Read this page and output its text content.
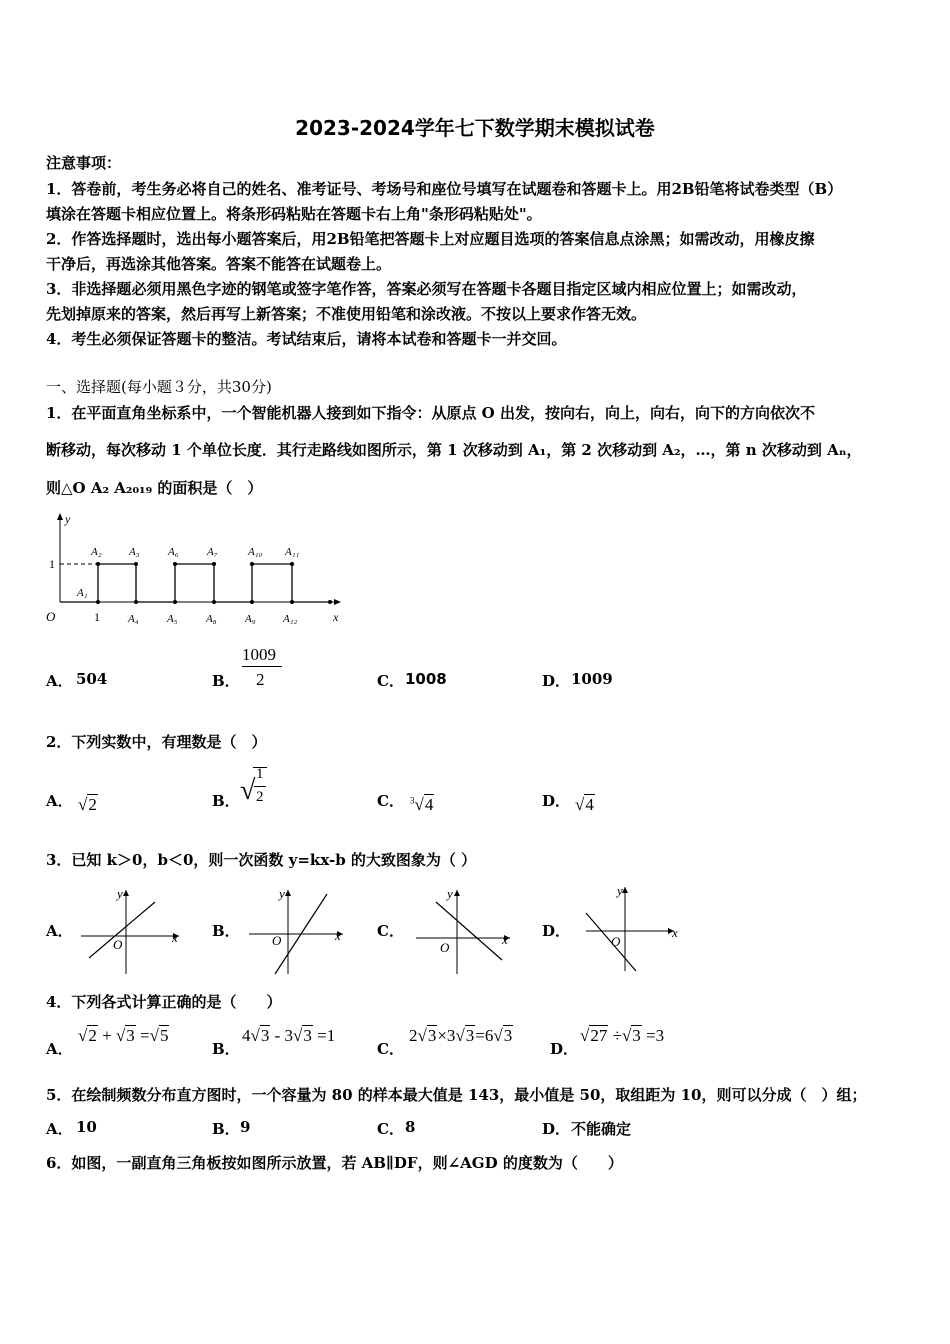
2023-2024学年七下数学期末模拟试卷
注意事项：
1．答卷前，考生务必将自己的姓名、准考证号、考场号和座位号填写在试题卷和答题卡上。用2B铅笔将试卷类型（B）
填涂在答题卡相应位置上。将条形码粘贴在答题卡右上角"条形码粘贴处"。
2．作答选择题时，选出每小题答案后，用2B铅笔把答题卡上对应题目选项的答案信息点涂黑；如需改动，用橡皮擦
干净后，再选涂其他答案。答案不能答在试题卷上。
3．非选择题必须用黑色字迹的钢笔或签字笔作答，答案必须写在答题卡各题目指定区域内相应位置上；如需改动，
先划掉原来的答案，然后再写上新答案；不准使用铅笔和涂改液。不按以上要求作答无效。
4．考生必须保证答题卡的整洁。考试结束后，请将本试卷和答题卡一并交回。
一、选择题(每小题３分，共30分)
1．在平面直角坐标系中，一个智能机器人接到如下指令：从原点 O 出发，按向右，向上，向右，向下的方向依次不
断移动，每次移动 1 个单位长度．其行走路线如图所示，第 1 次移动到 A₁，第 2 次移动到 A₂，…，第 n 次移动到 Aₙ，
则△O A₂ A₂₀₁₉ 的面积是（　）
y
x
O
1
1
A₁
A₂ A₃	A₆	A₇	A₁₀ A₁₁
A₄	A₅	A₈	A₉ A₁₂
A． 504	B．
1009
2	C． 1008	D． 1009
2．下列实数中，有理数是（　）
A． √2	B． √
1
2	C． $^3$√4	D． √4
3．已知 k＞0，b＜0，则一次函数 y=kx-b 的大致图象为（ ）
A．
y
x
O
B．
y
x
O
C．
y
x
O
D．
y
x
O
4．下列各式计算正确的是（　　）
A．
√2 + √3 =√5
B．
4√3 - 3√3 =1
C．
2√3×3√3=6√3
D．
√27 ÷√3 =3
5．在绘制频数分布直方图时，一个容量为 80 的样本最大值是 143，最小值是 50，取组距为 10，则可以分成（　）组；
A． 10	B． 9	C． 8	D． 不能确定
6．如图，一副直角三角板按如图所示放置，若 AB∥DF，则∠AGD 的度数为（　　）
